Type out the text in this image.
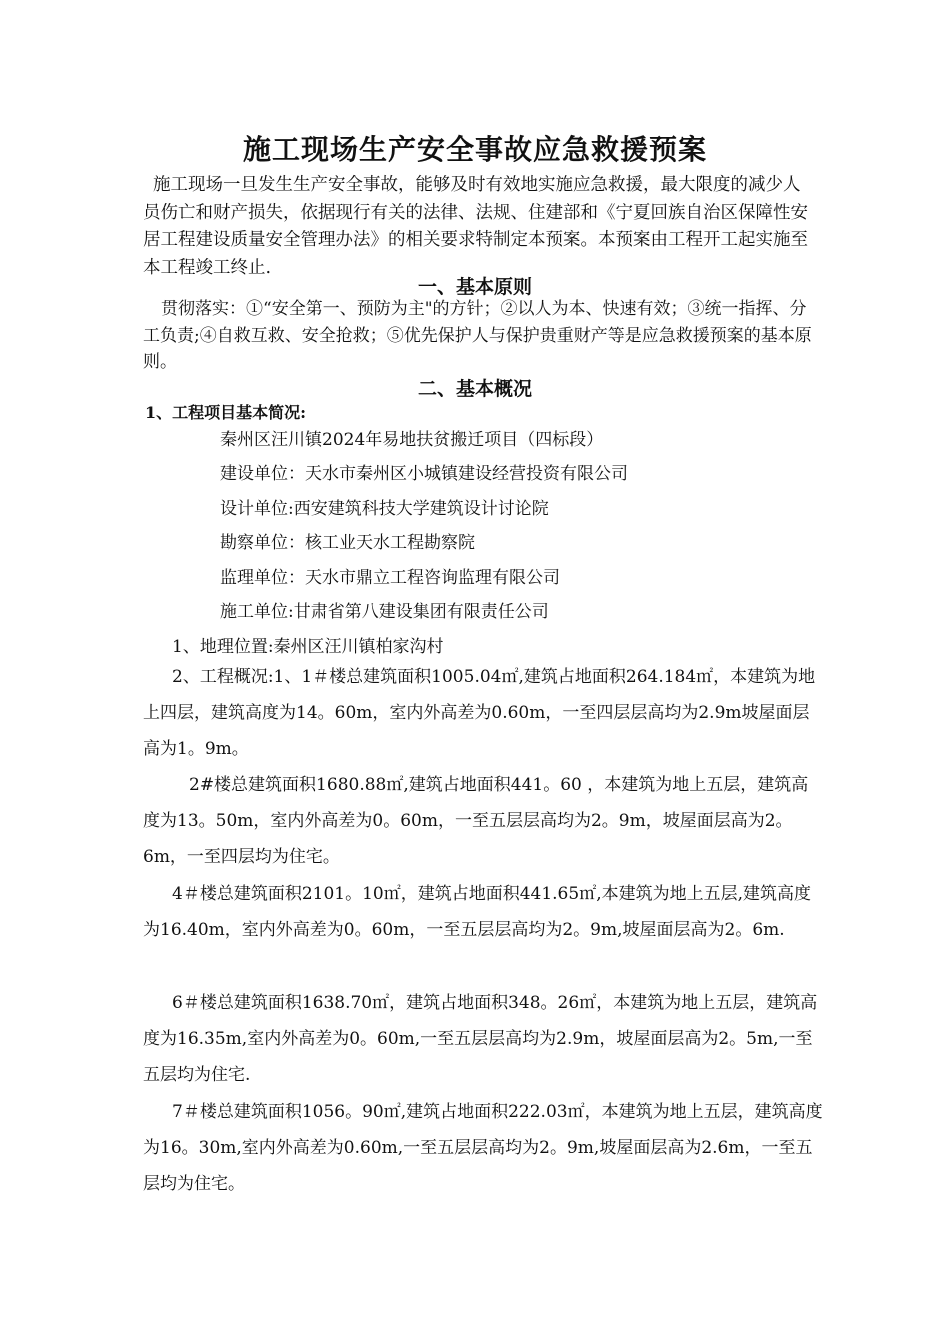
施工现场生产安全事故应急救援预案
施工现场一旦发生生产安全事故，能够及时有效地实施应急救援，最大限度的减少人员伤亡和财产损失，依据现行有关的法律、法规、住建部和《宁夏回族自治区保障性安居工程建设质量安全管理办法》的相关要求特制定本预案。本预案由工程开工起实施至本工程竣工终止.
一、基本原则
贯彻落实：①“安全第一、预防为主"的方针；②以人为本、快速有效；③统一指挥、分工负责;④自救互救、安全抢救；⑤优先保护人与保护贵重财产等是应急救援预案的基本原则。
二、基本概况
1、工程项目基本简况:
秦州区汪川镇2024年易地扶贫搬迁项目（四标段）
建设单位：天水市秦州区小城镇建设经营投资有限公司
设计单位:西安建筑科技大学建筑设计讨论院
勘察单位：核工业天水工程勘察院
监理单位：天水市鼎立工程咨询监理有限公司
施工单位:甘肃省第八建设集团有限责任公司
1、地理位置:秦州区汪川镇柏家沟村
2、工程概况:1、1＃楼总建筑面积1005.04㎡,建筑占地面积264.184㎡，本建筑为地上四层，建筑高度为14。60m，室内外高差为0.60m，一至四层层高均为2.9m坡屋面层高为1。9m。
2#楼总建筑面积1680.88㎡,建筑占地面积441。60 ，本建筑为地上五层，建筑高度为13。50m，室内外高差为0。60m，一至五层层高均为2。9m，坡屋面层高为2。6m，一至四层均为住宅。
4＃楼总建筑面积2101。10㎡，建筑占地面积441.65㎡,本建筑为地上五层,建筑高度为16.40m，室内外高差为0。60m，一至五层层高均为2。9m,坡屋面层高为2。6m.
6＃楼总建筑面积1638.70㎡，建筑占地面积348。26㎡，本建筑为地上五层，建筑高度为16.35m,室内外高差为0。60m,一至五层层高均为2.9m，坡屋面层高为2。5m,一至五层均为住宅.
7＃楼总建筑面积1056。90㎡,建筑占地面积222.03㎡，本建筑为地上五层，建筑高度为16。30m,室内外高差为0.60m,一至五层层高均为2。9m,坡屋面层高为2.6m，一至五层均为住宅。
